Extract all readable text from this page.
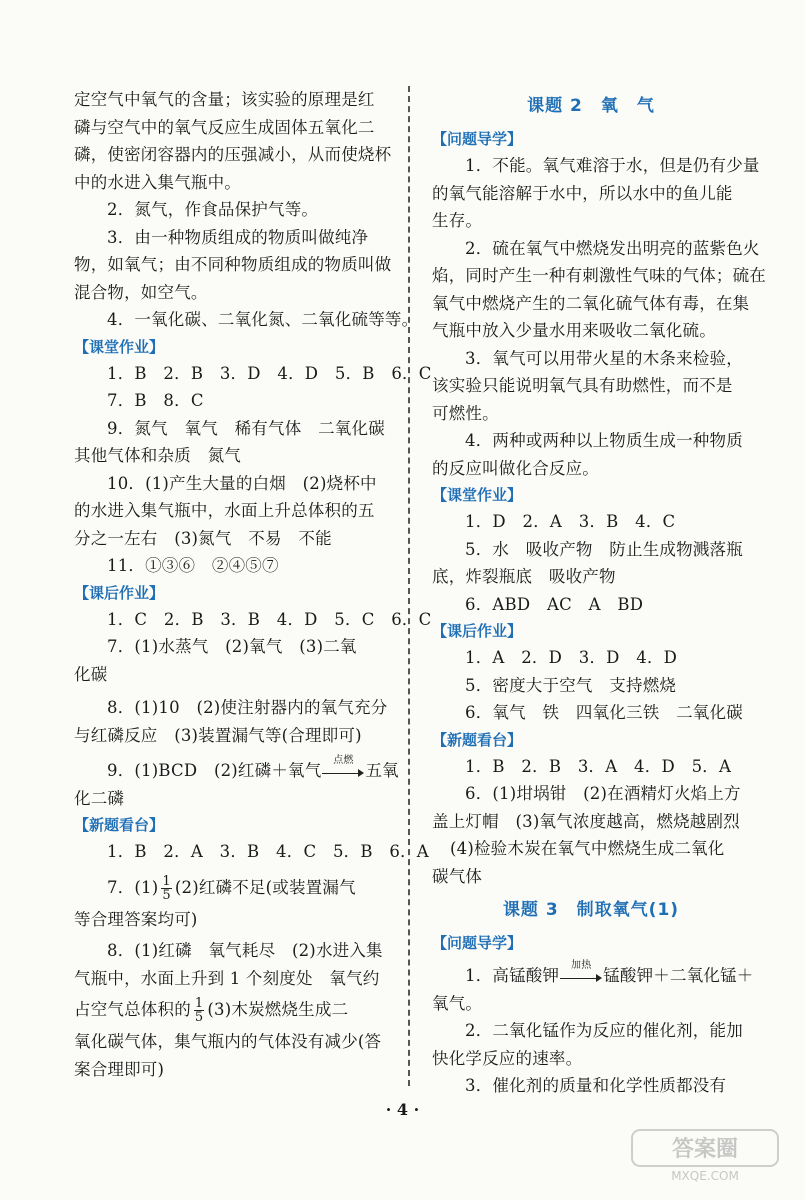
定空气中氧气的含量；该实验的原理是红
磷与空气中的氧气反应生成固体五氧化二
磷，使密闭容器内的压强减小，从而使烧杯
中的水进入集气瓶中。
2．氮气，作食品保护气等。
3．由一种物质组成的物质叫做纯净
物，如氧气；由不同种物质组成的物质叫做
混合物，如空气。
4．一氧化碳、二氧化氮、二氧化硫等等。
【课堂作业】
1．B　2．B　3．D　4．D　5．B　6．C
7．B　8．C
9．氮气　氧气　稀有气体　二氧化碳
其他气体和杂质　氮气
10．(1)产生大量的白烟　(2)烧杯中
的水进入集气瓶中，水面上升总体积的五
分之一左右　(3)氮气　不易　不能
11．①③⑥　②④⑤⑦
【课后作业】
1．C　2．B　3．B　4．D　5．C　6．C
7．(1)水蒸气　(2)氧气　(3)二氧
化碳
8．(1)10　(2)使注射器内的氧气充分
与红磷反应　(3)装置漏气等(合理即可)
9．(1)BCD　(2)红磷＋氧气
点燃
五氧
化二磷
【新题看台】
1．B　2．A　3．B　4．C　5．B　6．A
7．$(1) \frac{1}{5} (2)$红磷不足(或装置漏气
等合理答案均可)
8．(1)红磷　氧气耗尽　(2)水进入集
气瓶中，水面上升到 1 个刻度处　氧气约
占空气总体积的 $\frac{1}{5} (3)$木炭燃烧生成二
氧化碳气体，集气瓶内的气体没有减少(答
案合理即可)
课题 2　氧　气
【问题导学】
1．不能。氧气难溶于水，但是仍有少量
的氧气能溶解于水中，所以水中的鱼儿能
生存。
2．硫在氧气中燃烧发出明亮的蓝紫色火
焰，同时产生一种有刺激性气味的气体；硫在
氧气中燃烧产生的二氧化硫气体有毒，在集
气瓶中放入少量水用来吸收二氧化硫。
3．氧气可以用带火星的木条来检验，
该实验只能说明氧气具有助燃性，而不是
可燃性。
4．两种或两种以上物质生成一种物质
的反应叫做化合反应。
【课堂作业】
1．D　2．A　3．B　4．C
5．水　吸收产物　防止生成物溅落瓶
底，炸裂瓶底　吸收产物
6．ABD　AC　A　BD
【课后作业】
1．A　2．D　3．D　4．D
5．密度大于空气　支持燃烧
6．氧气　铁　四氧化三铁　二氧化碳
【新题看台】
1．B　2．B　3．A　4．D　5．A
6．(1)坩埚钳　(2)在酒精灯火焰上方
盖上灯帽　(3)氧气浓度越高，燃烧越剧烈
(4)检验木炭在氧气中燃烧生成二氧化
碳气体
课题 3　制取氧气(1)
【问题导学】
1．高锰酸钾
加热
锰酸钾＋二氧化锰＋
氧气。
2．二氧化锰作为反应的催化剂，能加
快化学反应的速率。
3．催化剂的质量和化学性质都没有
· 4 ·
答案圈
MXQE.COM
